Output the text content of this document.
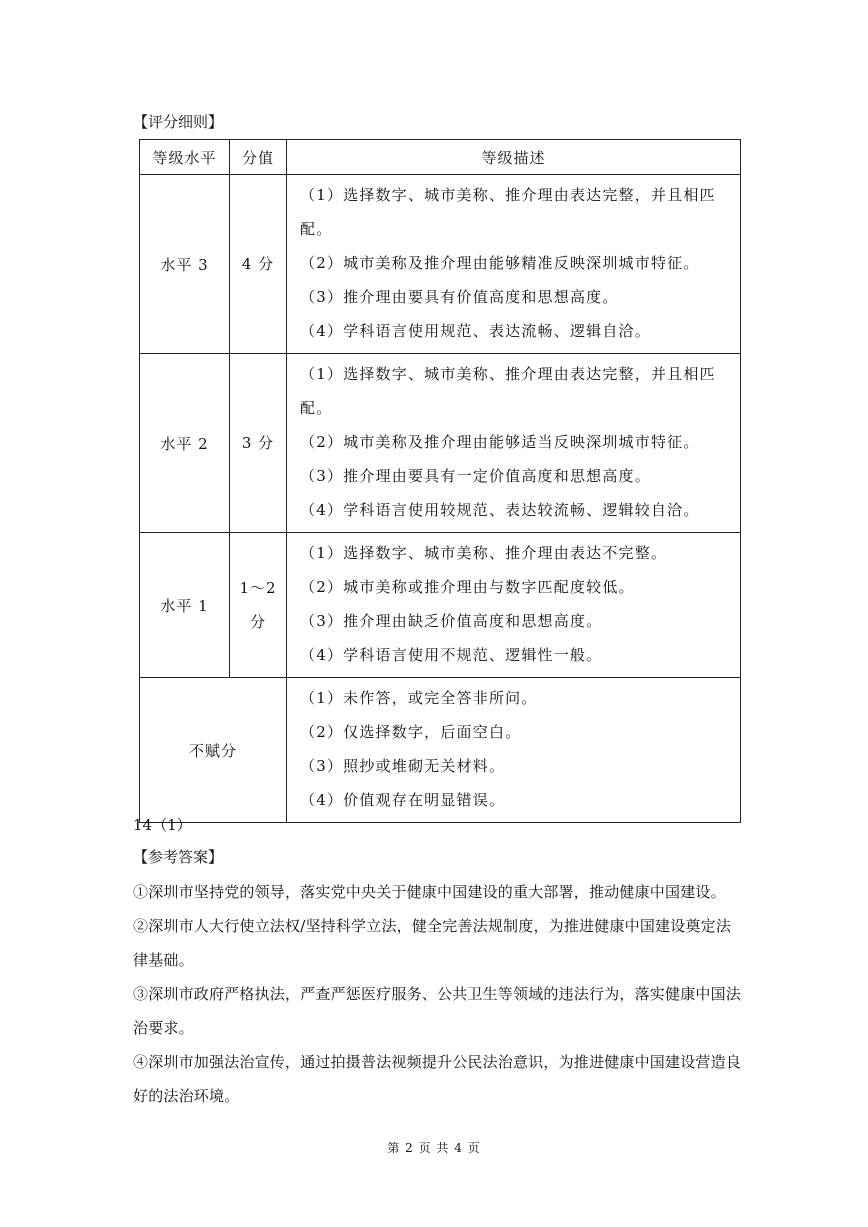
【评分细则】
等级水平	分值	等级描述
水平 3	4 分	（1）选择数字、城市美称、推介理由表达完整，并且相匹配。
（2）城市美称及推介理由能够精准反映深圳城市特征。
（3）推介理由要具有价值高度和思想高度。
（4）学科语言使用规范、表达流畅、逻辑自洽。

水平 2	3 分	（1）选择数字、城市美称、推介理由表达完整，并且相匹配。
（2）城市美称及推介理由能够适当反映深圳城市特征。
（3）推介理由要具有一定价值高度和思想高度。
（4）学科语言使用较规范、表达较流畅、逻辑较自洽。

水平 1	1～2 分	（1）选择数字、城市美称、推介理由表达不完整。
（2）城市美称或推介理由与数字匹配度较低。
（3）推介理由缺乏价值高度和思想高度。
（4）学科语言使用不规范、逻辑性一般。

不赋分		（1）未作答，或完全答非所问。
（2）仅选择数字，后面空白。
（3）照抄或堆砌无关材料。
（4）价值观存在明显错误。
14（1）
【参考答案】
①深圳市坚持党的领导，落实党中央关于健康中国建设的重大部署，推动健康中国建设。
②深圳市人大行使立法权/坚持科学立法，健全完善法规制度，为推进健康中国建设奠定法律基础。
③深圳市政府严格执法，严查严惩医疗服务、公共卫生等领域的违法行为，落实健康中国法治要求。
④深圳市加强法治宣传，通过拍摄普法视频提升公民法治意识，为推进健康中国建设营造良好的法治环境。
第 2 页 共 4 页
